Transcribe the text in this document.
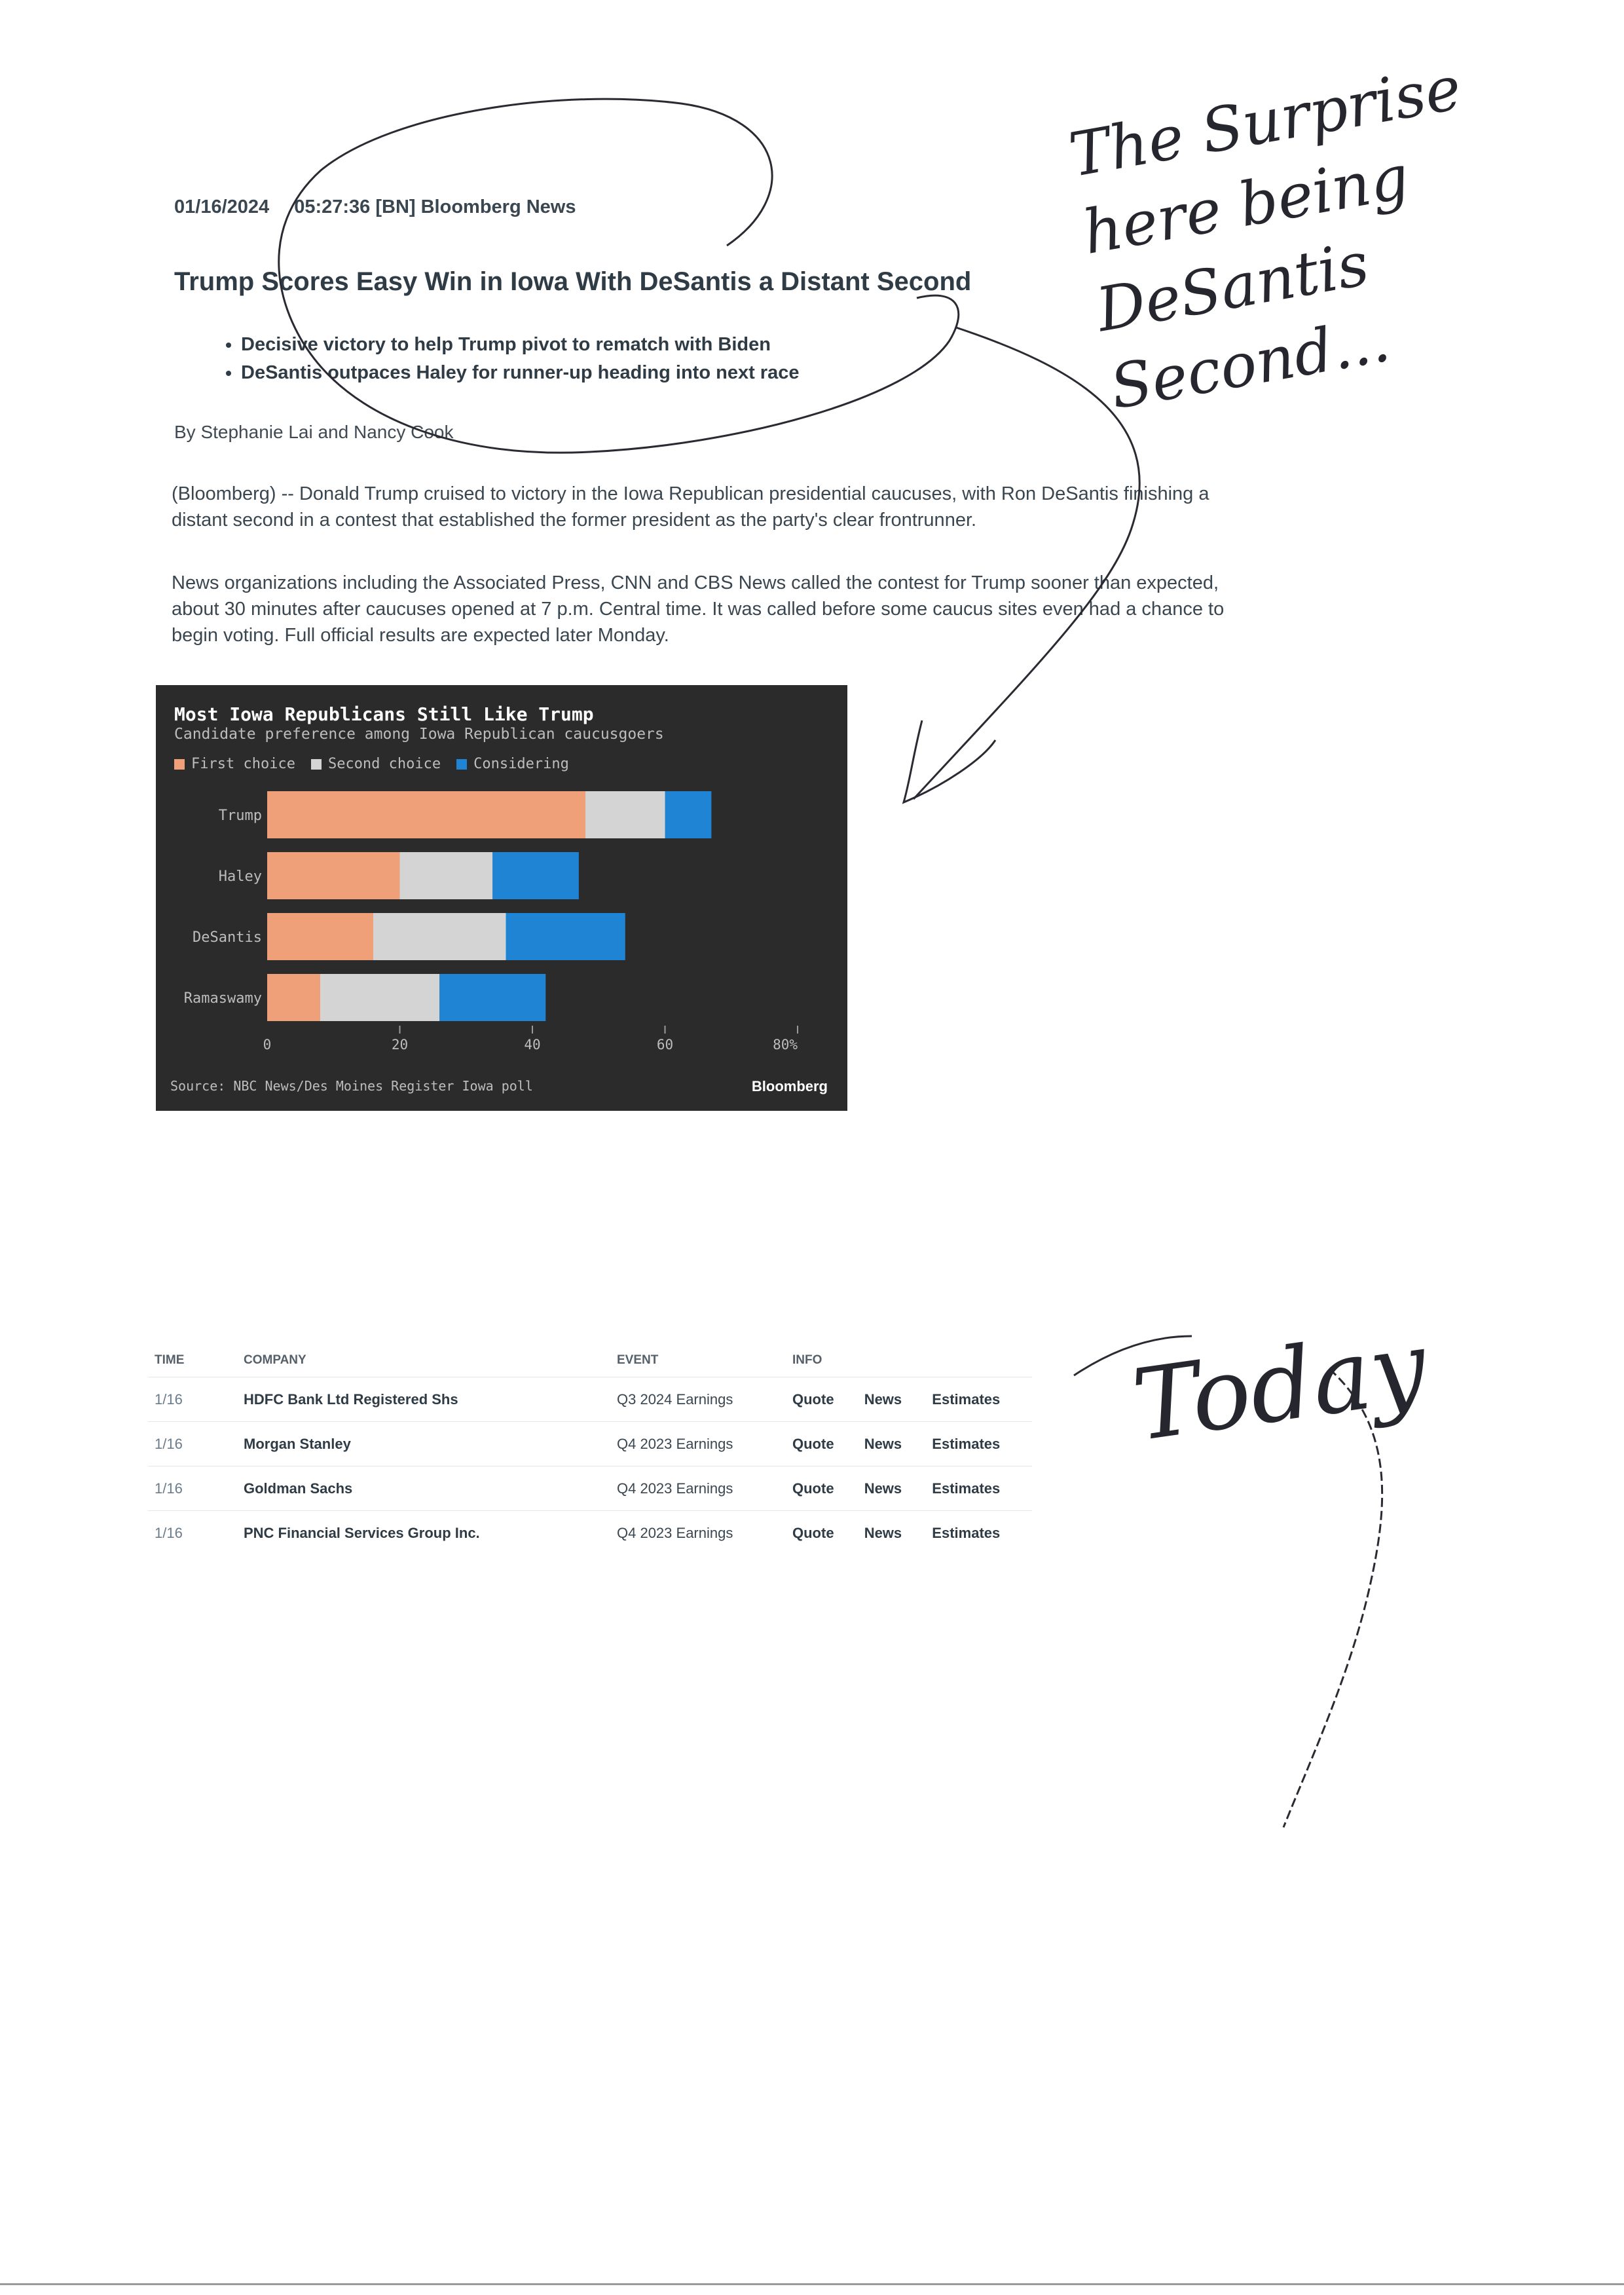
01/16/2024 05:27:36 [BN] Bloomberg News
Trump Scores Easy Win in Iowa With DeSantis a Distant Second
• Decisive victory to help Trump pivot to rematch with Biden
• DeSantis outpaces Haley for runner-up heading into next race
By Stephanie Lai and Nancy Cook

(Bloomberg) -- Donald Trump cruised to victory in the Iowa Republican presidential caucuses, with Ron DeSantis finishing a distant second in a contest that established the former president as the party's clear frontrunner.

News organizations including the Associated Press, CNN and CBS News called the contest for Trump sooner than expected, about 30 minutes after caucuses opened at 7 p.m. Central time. It was called before some caucus sites even had a chance to begin voting. Full official results are expected later Monday.

Most Iowa Republicans Still Like Trump
Candidate preference among Iowa Republican caucusgoers
First choice Second choice Considering
Trump
Haley
DeSantis
Ramaswamy
0	20	40	60	80%
Source: NBC News/Des Moines Register Iowa poll	Bloomberg
TIME	COMPANY	EVENT	INFO
1/16	HDFC Bank Ltd Registered Shs	Q3 2024 Earnings	Quote News Estimates
1/16	Morgan Stanley	Q4 2023 Earnings	Quote News Estimates
1/16	Goldman Sachs	Q4 2023 Earnings	Quote News Estimates
1/16	PNC Financial Services Group Inc.	Q4 2023 Earnings	Quote News Estimates
The Surprise here being DeSantis Second...
Today
